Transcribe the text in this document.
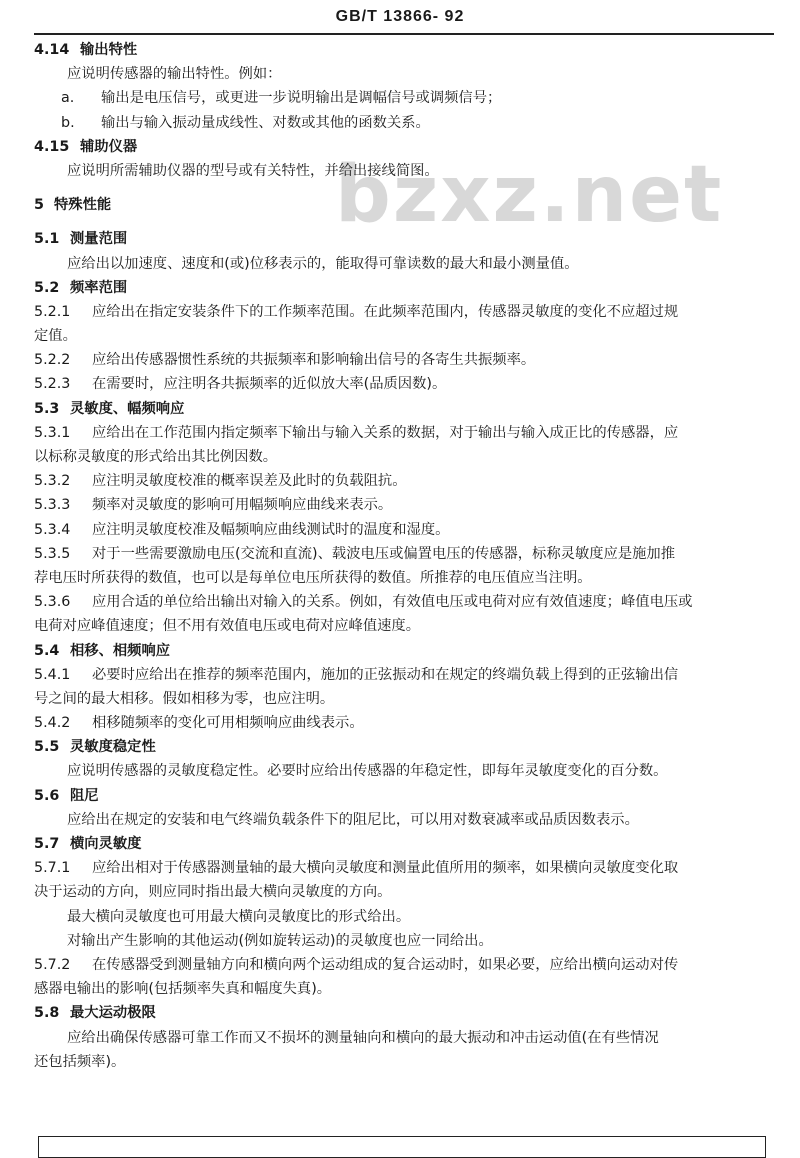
GB/T 13866- 92
bzxz.net
4.14 输出特性
应说明传感器的输出特性。例如：
a. 输出是电压信号，或更进一步说明输出是调幅信号或调频信号；
b. 输出与输入振动量成线性、对数或其他的函数关系。
4.15 辅助仪器
应说明所需辅助仪器的型号或有关特性，并给出接线简图。
5 特殊性能
5.1 测量范围
应给出以加速度、速度和(或)位移表示的，能取得可靠读数的最大和最小测量值。
5.2 频率范围
5.2.1 应给出在指定安装条件下的工作频率范围。在此频率范围内，传感器灵敏度的变化不应超过规
定值。
5.2.2 应给出传感器惯性系统的共振频率和影响输出信号的各寄生共振频率。
5.2.3 在需要时，应注明各共振频率的近似放大率(品质因数)。
5.3 灵敏度、幅频响应
5.3.1 应给出在工作范围内指定频率下输出与输入关系的数据，对于输出与输入成正比的传感器，应
以标称灵敏度的形式给出其比例因数。
5.3.2 应注明灵敏度校准的概率误差及此时的负载阻抗。
5.3.3 频率对灵敏度的影响可用幅频响应曲线来表示。
5.3.4 应注明灵敏度校准及幅频响应曲线测试时的温度和湿度。
5.3.5 对于一些需要激励电压(交流和直流)、载波电压或偏置电压的传感器，标称灵敏度应是施加推
荐电压时所获得的数值，也可以是每单位电压所获得的数值。所推荐的电压值应当注明。
5.3.6 应用合适的单位给出输出对输入的关系。例如，有效值电压或电荷对应有效值速度；峰值电压或
电荷对应峰值速度；但不用有效值电压或电荷对应峰值速度。
5.4 相移、相频响应
5.4.1 必要时应给出在推荐的频率范围内，施加的正弦振动和在规定的终端负载上得到的正弦输出信
号之间的最大相移。假如相移为零，也应注明。
5.4.2 相移随频率的变化可用相频响应曲线表示。
5.5 灵敏度稳定性
应说明传感器的灵敏度稳定性。必要时应给出传感器的年稳定性，即每年灵敏度变化的百分数。
5.6 阻尼
应给出在规定的安装和电气终端负载条件下的阻尼比，可以用对数衰减率或品质因数表示。
5.7 横向灵敏度
5.7.1 应给出相对于传感器测量轴的最大横向灵敏度和测量此值所用的频率，如果横向灵敏度变化取
决于运动的方向，则应同时指出最大横向灵敏度的方向。
最大横向灵敏度也可用最大横向灵敏度比的形式给出。
对输出产生影响的其他运动(例如旋转运动)的灵敏度也应一同给出。
5.7.2 在传感器受到测量轴方向和横向两个运动组成的复合运动时，如果必要，应给出横向运动对传
感器电输出的影响(包括频率失真和幅度失真)。
5.8 最大运动极限
应给出确保传感器可靠工作而又不损坏的测量轴向和横向的最大振动和冲击运动值(在有些情况
还包括频率)。
